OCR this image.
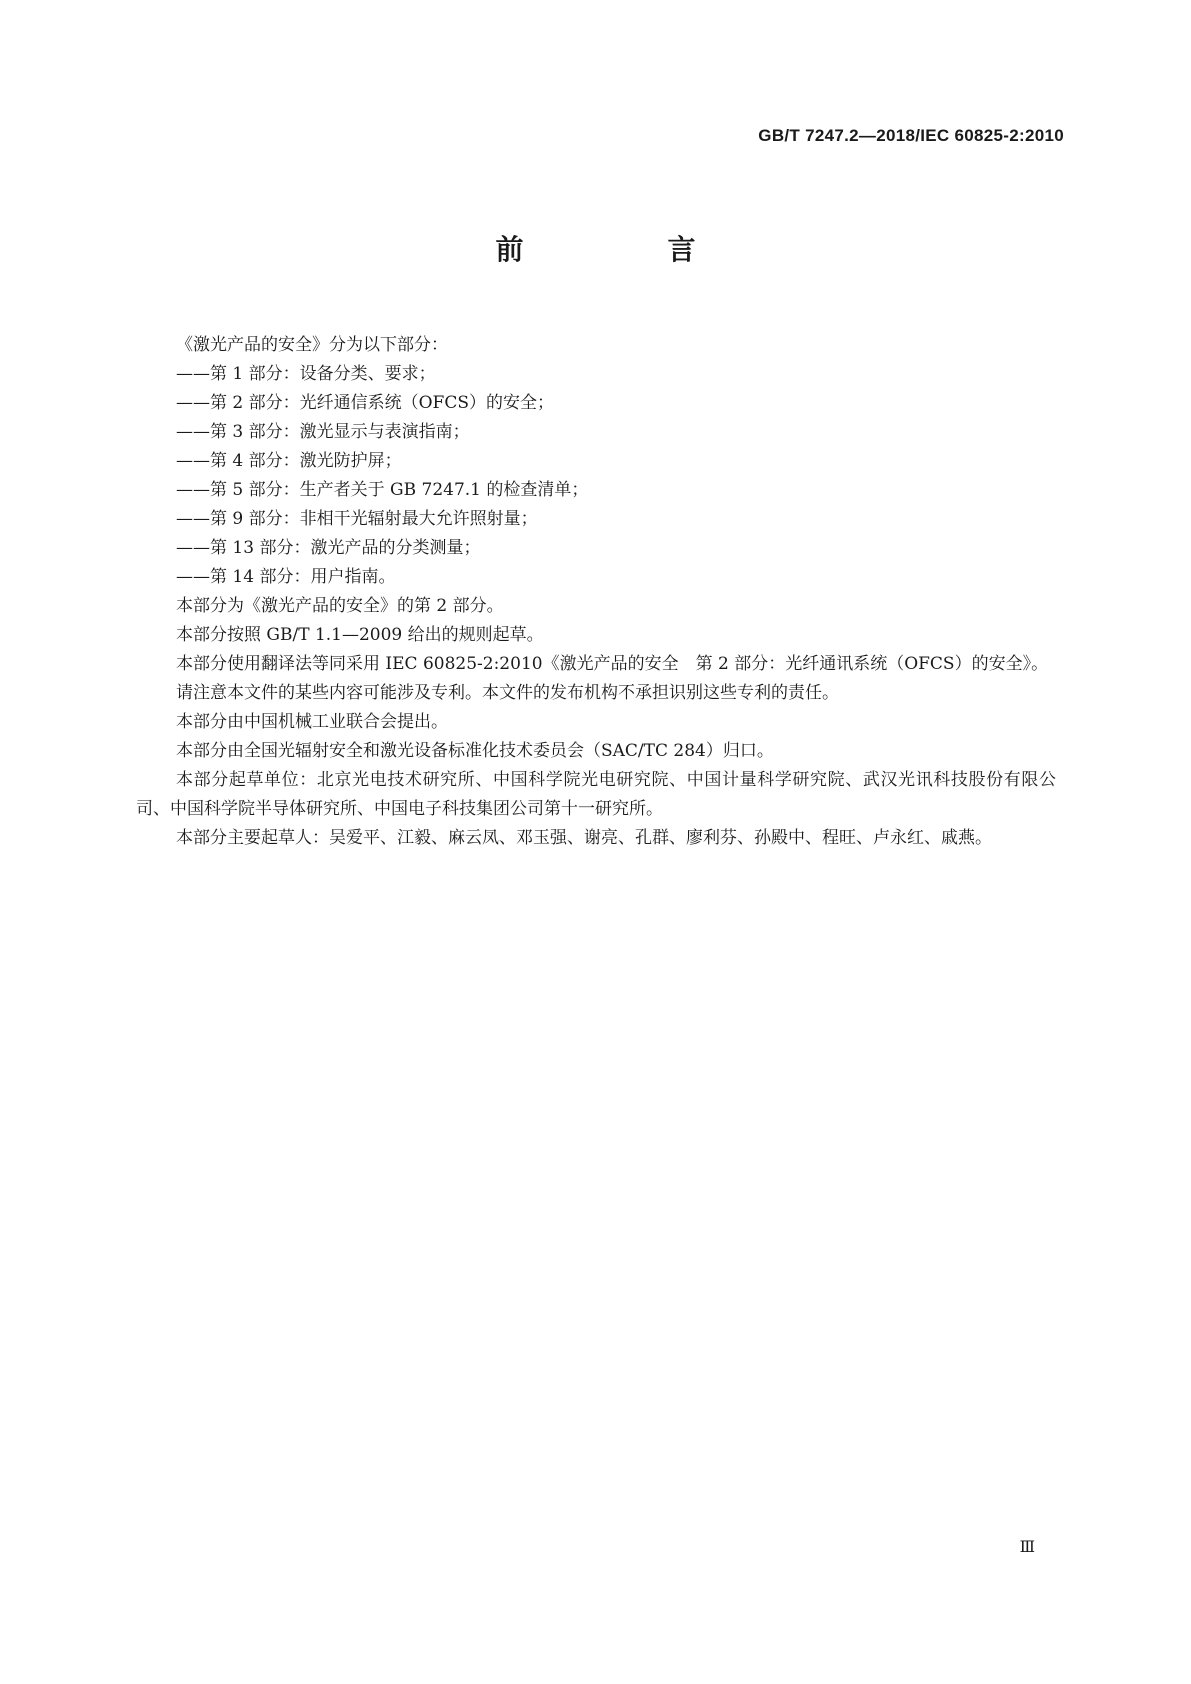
GB/T 7247.2—2018/IEC 60825-2:2010
前　言

《激光产品的安全》分为以下部分：

——第 1 部分：设备分类、要求；

——第 2 部分：光纤通信系统（OFCS）的安全；

——第 3 部分：激光显示与表演指南；

——第 4 部分：激光防护屏；

——第 5 部分：生产者关于 GB 7247.1 的检查清单；

——第 9 部分：非相干光辐射最大允许照射量；

——第 13 部分：激光产品的分类测量；

——第 14 部分：用户指南。

本部分为《激光产品的安全》的第 2 部分。

本部分按照 GB/T 1.1—2009 给出的规则起草。

本部分使用翻译法等同采用 IEC 60825-2:2010《激光产品的安全　第 2 部分：光纤通讯系统（OFCS）的安全》。

请注意本文件的某些内容可能涉及专利。本文件的发布机构不承担识别这些专利的责任。

本部分由中国机械工业联合会提出。

本部分由全国光辐射安全和激光设备标准化技术委员会（SAC/TC 284）归口。

本部分起草单位：北京光电技术研究所、中国科学院光电研究院、中国计量科学研究院、武汉光讯科技股份有限公司、中国科学院半导体研究所、中国电子科技集团公司第十一研究所。

本部分主要起草人：吴爱平、江毅、麻云凤、邓玉强、谢亮、孔群、廖利芬、孙殿中、程旺、卢永红、戚燕。

Ⅲ
